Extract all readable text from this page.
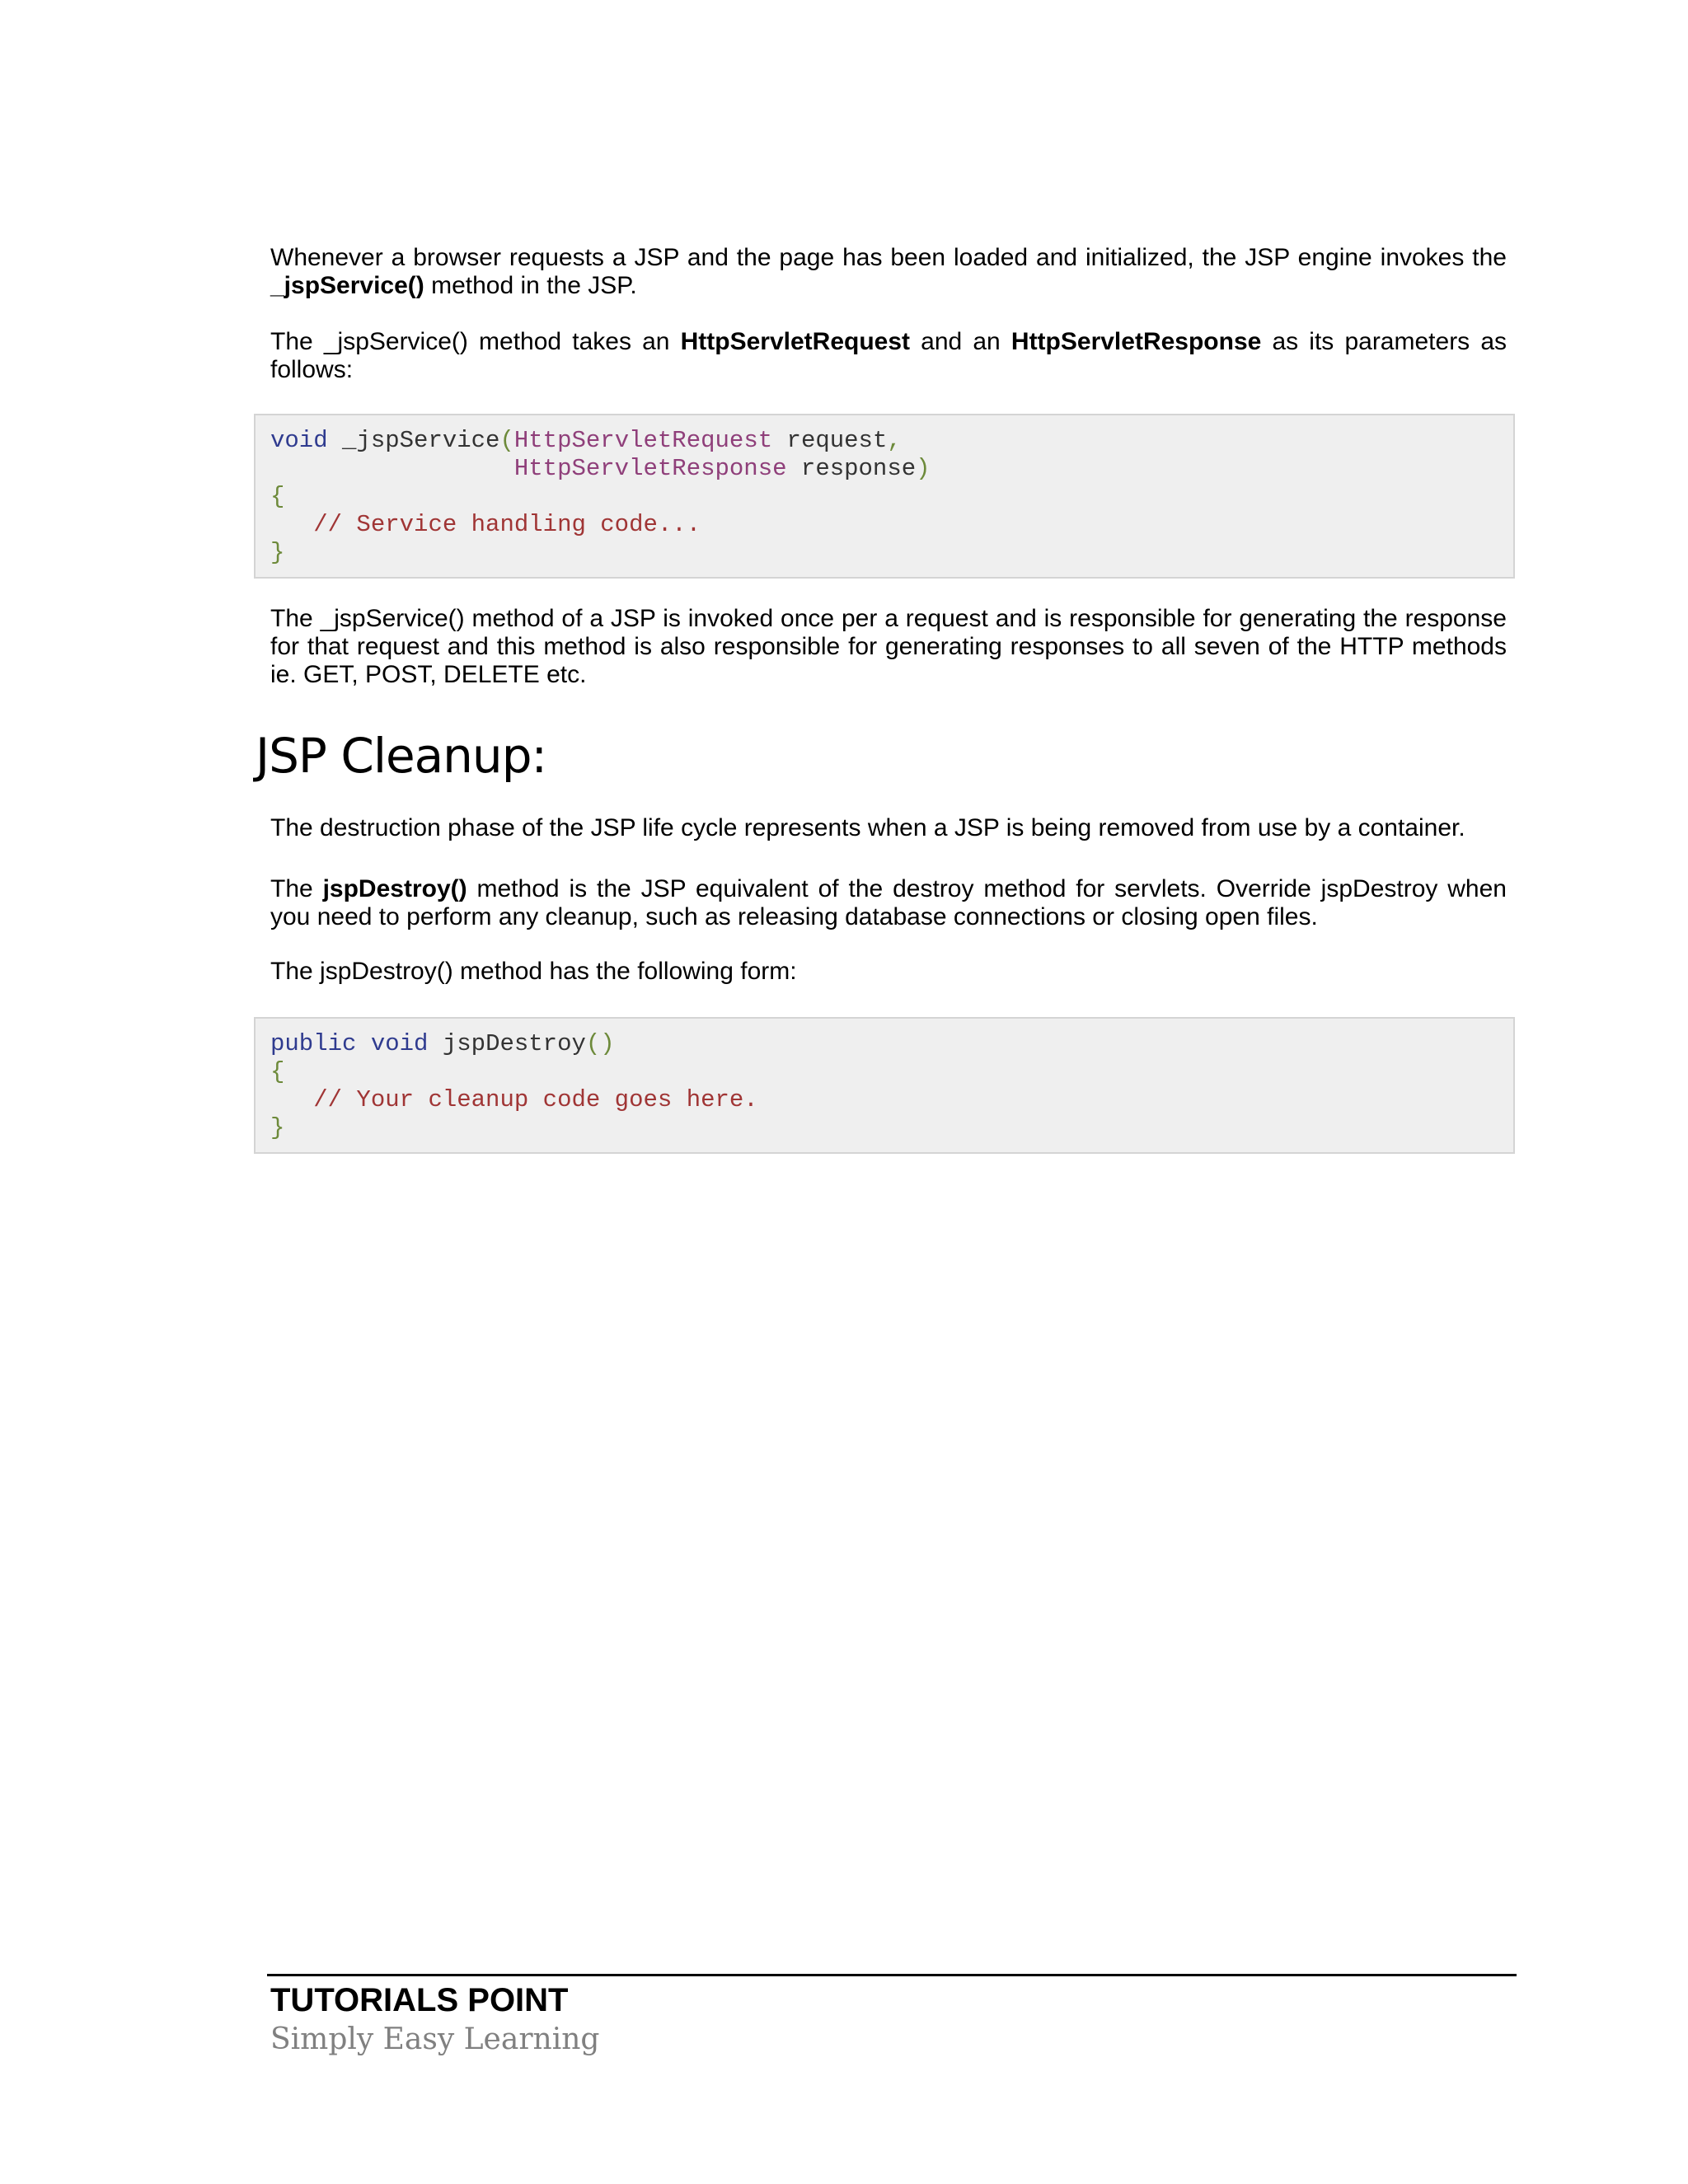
Whenever a browser requests a JSP and the page has been loaded and initialized, the JSP engine invokes the _jspService() method in the JSP.

The _jspService() method takes an HttpServletRequest and an HttpServletResponse as its parameters as follows:

void _jspService(HttpServletRequest request,
HttpServletResponse response)
{
// Service handling code...
}

The _jspService() method of a JSP is invoked once per a request and is responsible for generating the response for that request and this method is also responsible for generating responses to all seven of the HTTP methods ie. GET, POST, DELETE etc.

JSP Cleanup:

The destruction phase of the JSP life cycle represents when a JSP is being removed from use by a container.

The jspDestroy() method is the JSP equivalent of the destroy method for servlets. Override jspDestroy when you need to perform any cleanup, such as releasing database connections or closing open files.

The jspDestroy() method has the following form:

public void jspDestroy()
{
// Your cleanup code goes here.
}
TUTORIALS POINT
Simply Easy Learning
